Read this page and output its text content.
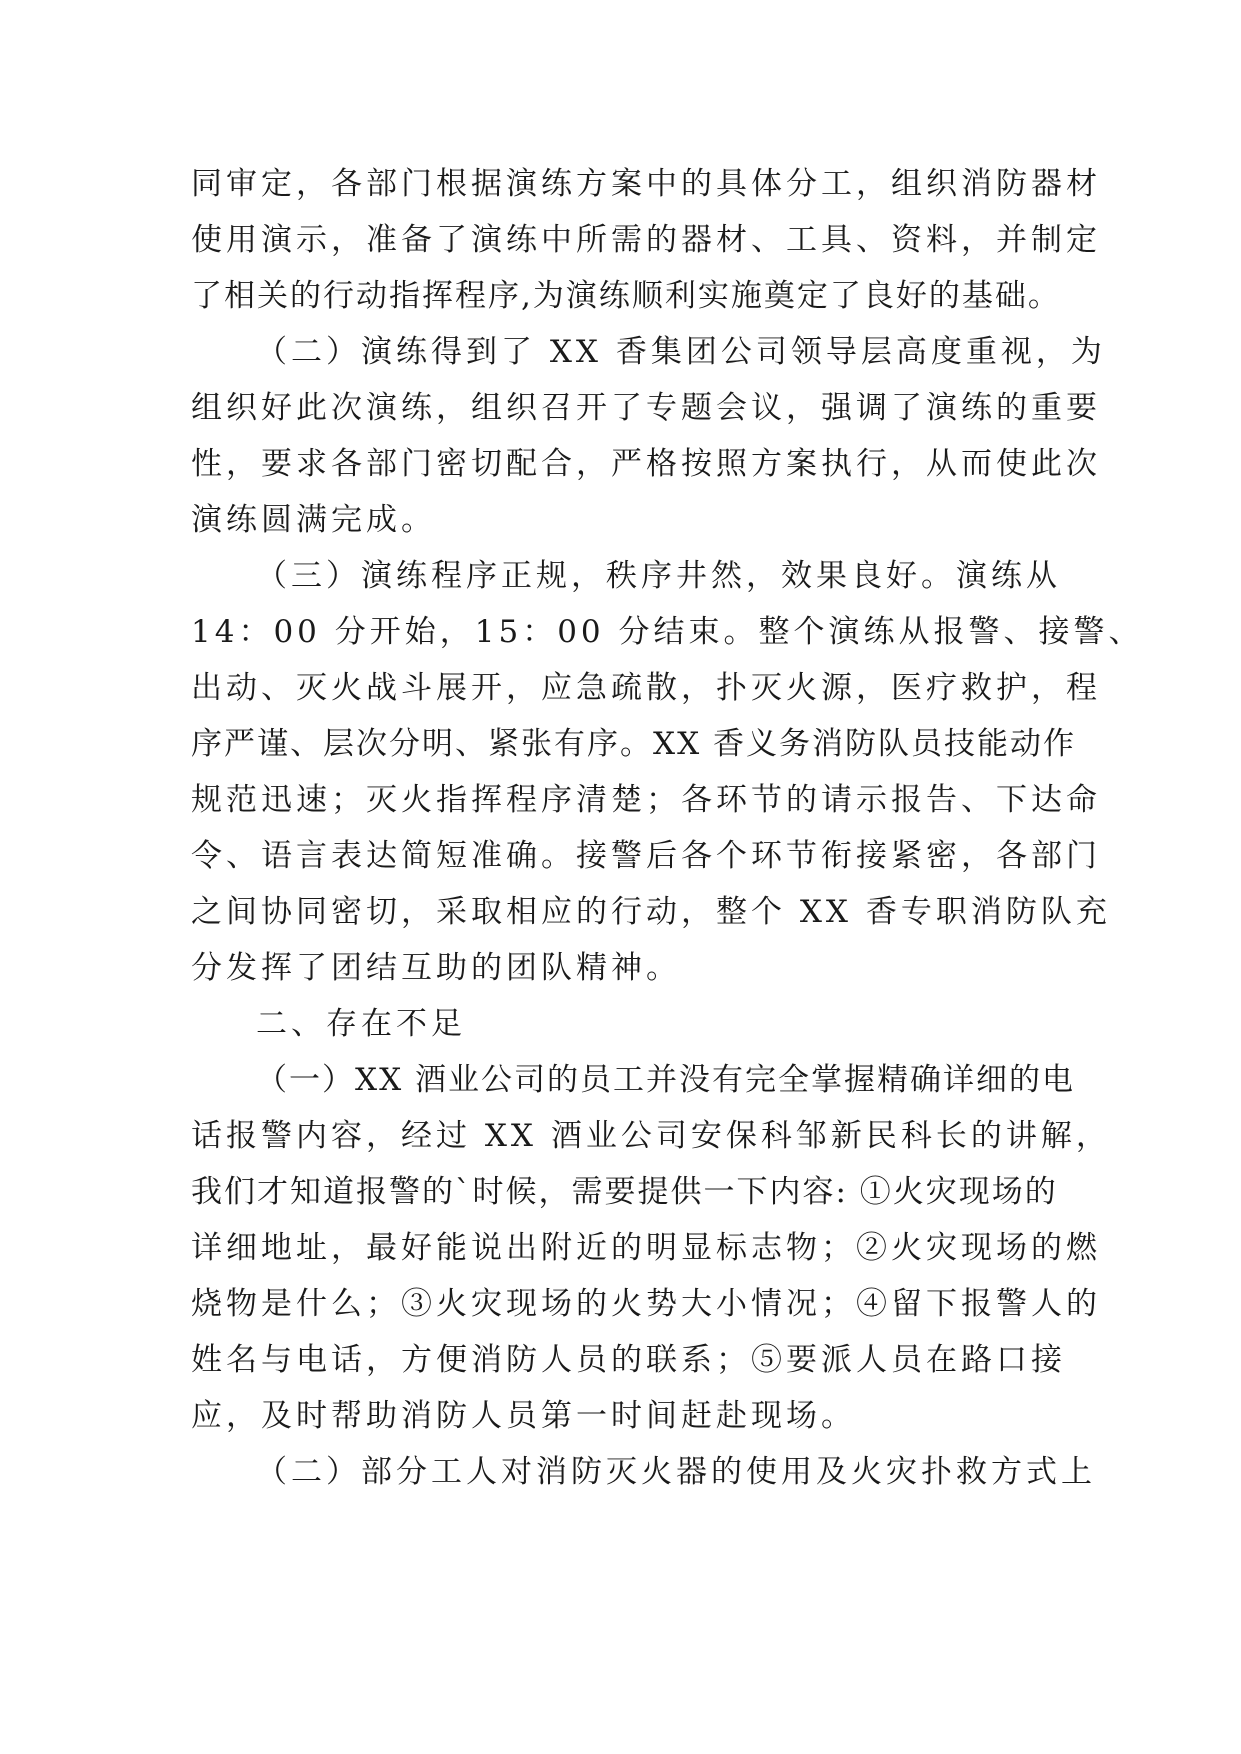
同审定，各部门根据演练方案中的具体分工，组织消防器材

使用演示，准备了演练中所需的器材、工具、资料，并制定

了相关的行动指挥程序,为演练顺利实施奠定了良好的基础。

（二）演练得到了 XX 香集团公司领导层高度重视，为

组织好此次演练，组织召开了专题会议，强调了演练的重要

性，要求各部门密切配合，严格按照方案执行，从而使此次

演练圆满完成。

（三）演练程序正规，秩序井然，效果良好。演练从

14：00 分开始，15：00 分结束。整个演练从报警、接警、

出动、灭火战斗展开，应急疏散，扑灭火源，医疗救护，程

序严谨、层次分明、紧张有序。XX 香义务消防队员技能动作

规范迅速；灭火指挥程序清楚；各环节的请示报告、下达命

令、语言表达简短准确。接警后各个环节衔接紧密，各部门

之间协同密切，采取相应的行动，整个 XX 香专职消防队充

分发挥了团结互助的团队精神。

二、存在不足

（一）XX 酒业公司的员工并没有完全掌握精确详细的电

话报警内容，经过 XX 酒业公司安保科邹新民科长的讲解，

我们才知道报警的`时候，需要提供一下内容: ①火灾现场的

详细地址，最好能说出附近的明显标志物；②火灾现场的燃

烧物是什么；③火灾现场的火势大小情况；④留下报警人的

姓名与电话，方便消防人员的联系；⑤要派人员在路口接

应，及时帮助消防人员第一时间赶赴现场。

（二）部分工人对消防灭火器的使用及火灾扑救方式上
